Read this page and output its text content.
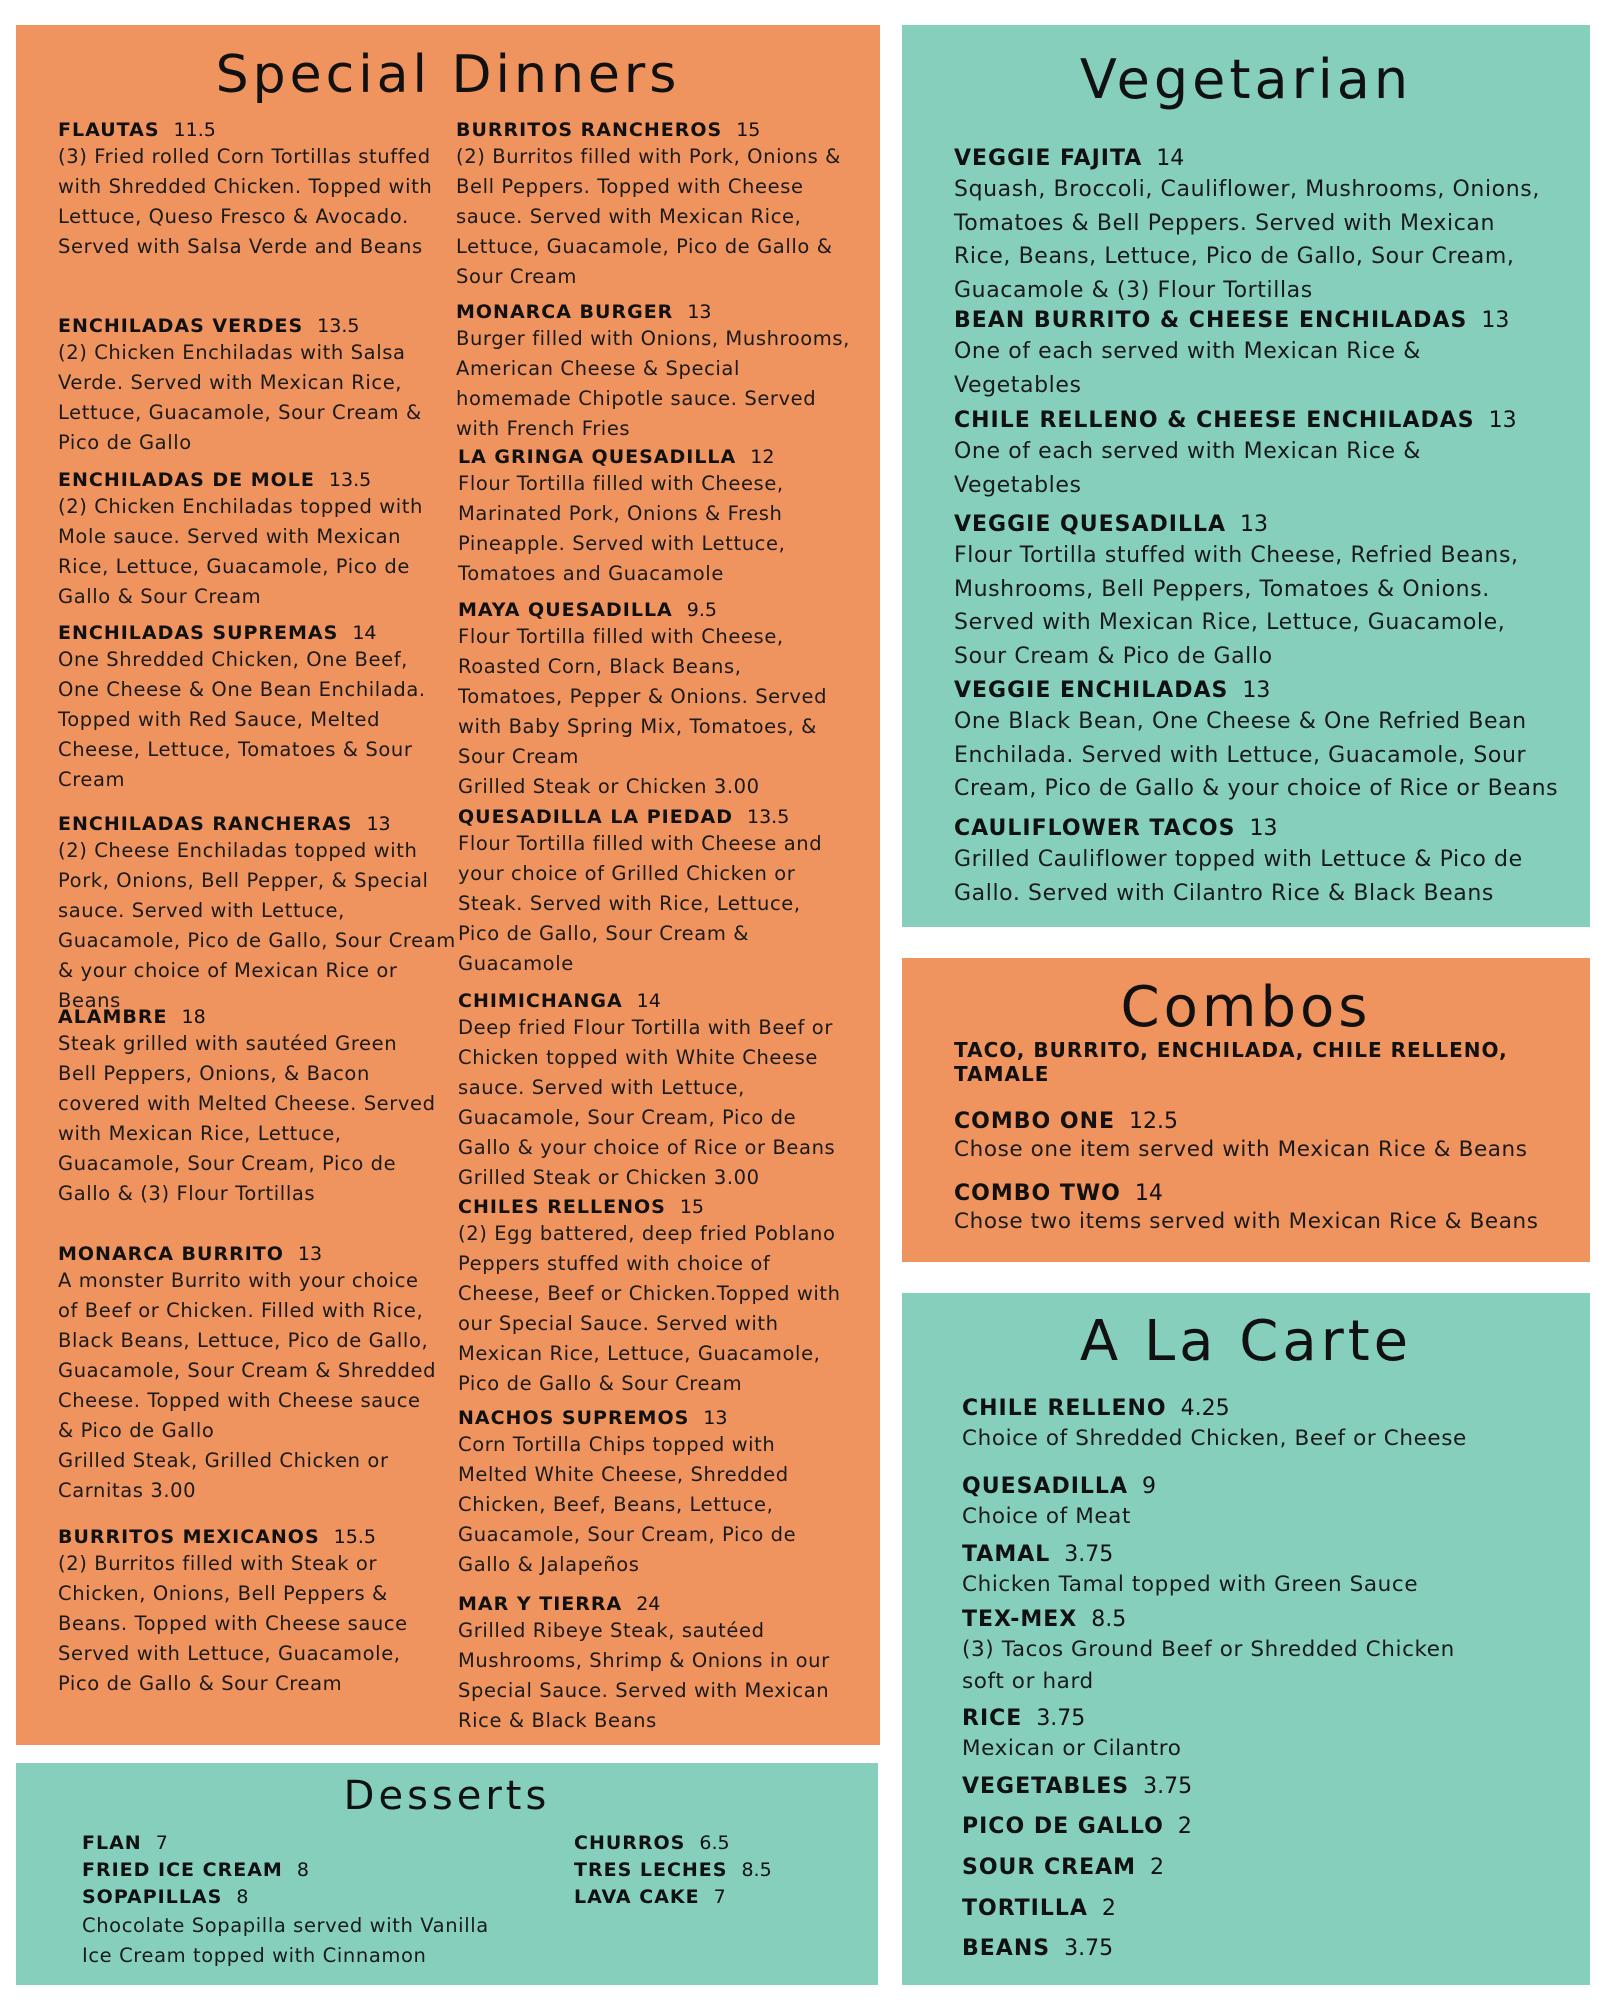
Special Dinners
FLAUTAS 11.5
(3) Fried rolled Corn Tortillas stuffed with Shredded Chicken. Topped with Lettuce, Queso Fresco & Avocado. Served with Salsa Verde and Beans
ENCHILADAS VERDES 13.5
(2) Chicken Enchiladas with Salsa Verde. Served with Mexican Rice, Lettuce, Guacamole, Sour Cream & Pico de Gallo
ENCHILADAS DE MOLE 13.5
(2) Chicken Enchiladas topped with Mole sauce. Served with Mexican Rice, Lettuce, Guacamole, Pico de Gallo & Sour Cream
ENCHILADAS SUPREMAS 14
One Shredded Chicken, One Beef, One Cheese & One Bean Enchilada. Topped with Red Sauce, Melted Cheese, Lettuce, Tomatoes & Sour Cream
ENCHILADAS RANCHERAS 13
(2) Cheese Enchiladas topped with Pork, Onions, Bell Pepper, & Special sauce. Served with Lettuce, Guacamole, Pico de Gallo, Sour Cream & your choice of Mexican Rice or Beans
ALAMBRE 18
Steak grilled with sautéed Green Bell Peppers, Onions, & Bacon covered with Melted Cheese. Served with Mexican Rice, Lettuce, Guacamole, Sour Cream, Pico de Gallo & (3) Flour Tortillas
MONARCA BURRITO 13
A monster Burrito with your choice of Beef or Chicken. Filled with Rice, Black Beans, Lettuce, Pico de Gallo, Guacamole, Sour Cream & Shredded Cheese. Topped with Cheese sauce & Pico de Gallo
Grilled Steak, Grilled Chicken or Carnitas 3.00
BURRITOS MEXICANOS 15.5
(2) Burritos filled with Steak or Chicken, Onions, Bell Peppers & Beans. Topped with Cheese sauce Served with Lettuce, Guacamole, Pico de Gallo & Sour Cream
BURRITOS RANCHEROS 15
(2) Burritos filled with Pork, Onions & Bell Peppers. Topped with Cheese sauce. Served with Mexican Rice, Lettuce, Guacamole, Pico de Gallo & Sour Cream
MONARCA BURGER 13
Burger filled with Onions, Mushrooms, American Cheese & Special homemade Chipotle sauce. Served with French Fries
LA GRINGA QUESADILLA 12
Flour Tortilla filled with Cheese, Marinated Pork, Onions & Fresh Pineapple. Served with Lettuce, Tomatoes and Guacamole
MAYA QUESADILLA 9.5
Flour Tortilla filled with Cheese, Roasted Corn, Black Beans, Tomatoes, Pepper & Onions. Served with Baby Spring Mix, Tomatoes, & Sour Cream
Grilled Steak or Chicken 3.00
QUESADILLA LA PIEDAD 13.5
Flour Tortilla filled with Cheese and your choice of Grilled Chicken or Steak. Served with Rice, Lettuce, Pico de Gallo, Sour Cream & Guacamole
CHIMICHANGA 14
Deep fried Flour Tortilla with Beef or Chicken topped with White Cheese sauce. Served with Lettuce, Guacamole, Sour Cream, Pico de Gallo & your choice of Rice or Beans
Grilled Steak or Chicken 3.00
CHILES RELLENOS 15
(2) Egg battered, deep fried Poblano Peppers stuffed with choice of Cheese, Beef or Chicken.Topped with our Special Sauce. Served with Mexican Rice, Lettuce, Guacamole, Pico de Gallo & Sour Cream
NACHOS SUPREMOS 13
Corn Tortilla Chips topped with Melted White Cheese, Shredded Chicken, Beef, Beans, Lettuce, Guacamole, Sour Cream, Pico de Gallo & Jalapeños
MAR Y TIERRA 24
Grilled Ribeye Steak, sautéed Mushrooms, Shrimp & Onions in our Special Sauce. Served with Mexican Rice & Black Beans
Desserts
FLAN 7
FRIED ICE CREAM 8
SOPAPILLAS 8
Chocolate Sopapilla served with Vanilla Ice Cream topped with Cinnamon
CHURROS 6.5
TRES LECHES 8.5
LAVA CAKE 7
Vegetarian
VEGGIE FAJITA 14
Squash, Broccoli, Cauliflower, Mushrooms, Onions, Tomatoes & Bell Peppers. Served with Mexican Rice, Beans, Lettuce, Pico de Gallo, Sour Cream, Guacamole & (3) Flour Tortillas
BEAN BURRITO & CHEESE ENCHILADAS 13
One of each served with Mexican Rice & Vegetables
CHILE RELLENO & CHEESE ENCHILADAS 13
One of each served with Mexican Rice & Vegetables
VEGGIE QUESADILLA 13
Flour Tortilla stuffed with Cheese, Refried Beans, Mushrooms, Bell Peppers, Tomatoes & Onions. Served with Mexican Rice, Lettuce, Guacamole, Sour Cream & Pico de Gallo
VEGGIE ENCHILADAS 13
One Black Bean, One Cheese & One Refried Bean Enchilada. Served with Lettuce, Guacamole, Sour Cream, Pico de Gallo & your choice of Rice or Beans
CAULIFLOWER TACOS 13
Grilled Cauliflower topped with Lettuce & Pico de Gallo. Served with Cilantro Rice & Black Beans
Combos
TACO, BURRITO, ENCHILADA, CHILE RELLENO, TAMALE
COMBO ONE 12.5
Chose one item served with Mexican Rice & Beans
COMBO TWO 14
Chose two items served with Mexican Rice & Beans
A La Carte
CHILE RELLENO 4.25
Choice of Shredded Chicken, Beef or Cheese
QUESADILLA 9
Choice of Meat
TAMAL 3.75
Chicken Tamal topped with Green Sauce
TEX-MEX 8.5
(3) Tacos Ground Beef or Shredded Chicken soft or hard
RICE 3.75
Mexican or Cilantro
VEGETABLES 3.75
PICO DE GALLO 2
SOUR CREAM 2
TORTILLA 2
BEANS 3.75
